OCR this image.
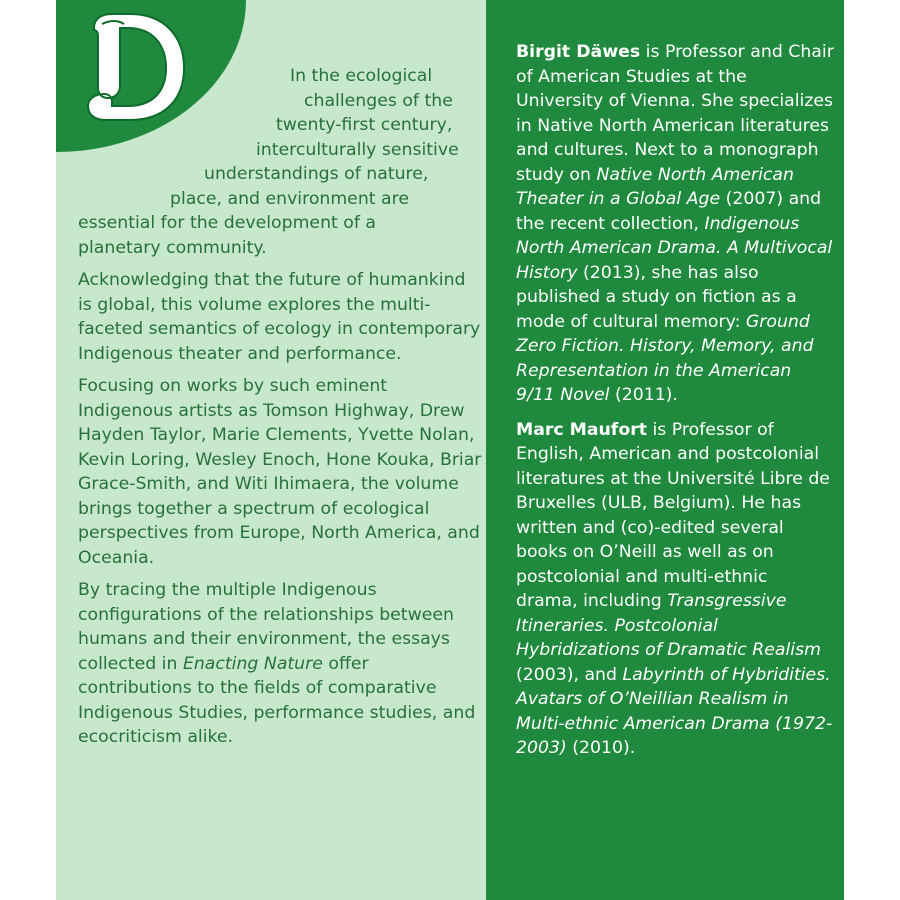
In the ecological
challenges of the
twenty-first century,
interculturally sensitive
understandings of nature,
place, and environment are
essential for the development of a
planetary community.

Acknowledging that the future of humankind is global, this volume explores the multi-faceted semantics of ecology in contemporary Indigenous theater and performance.

Focusing on works by such eminent Indigenous artists as Tomson Highway, Drew Hayden Taylor, Marie Clements, Yvette Nolan, Kevin Loring, Wesley Enoch, Hone Kouka, Briar Grace-Smith, and Witi Ihimaera, the volume brings together a spectrum of ecological perspectives from Europe, North America, and Oceania.

By tracing the multiple Indigenous configurations of the relationships between humans and their environment, the essays collected in Enacting Nature offer contributions to the fields of comparative Indigenous Studies, performance studies, and ecocriticism alike.

Birgit Däwes is Professor and Chair of American Studies at the University of Vienna. She specializes in Native North American literatures and cultures. Next to a monograph study on Native North American Theater in a Global Age (2007) and the recent collection, Indigenous North American Drama. A Multivocal History (2013), she has also published a study on fiction as a mode of cultural memory: Ground Zero Fiction. History, Memory, and Representation in the American 9/11 Novel (2011).

Marc Maufort is Professor of English, American and postcolonial literatures at the Université Libre de Bruxelles (ULB, Belgium). He has written and (co)-edited several books on O’Neill as well as on postcolonial and multi-ethnic drama, including Transgressive Itineraries. Postcolonial Hybridizations of Dramatic Realism (2003), and Labyrinth of Hybridities. Avatars of O’Neillian Realism in Multi-ethnic American Drama (1972-2003) (2010).
